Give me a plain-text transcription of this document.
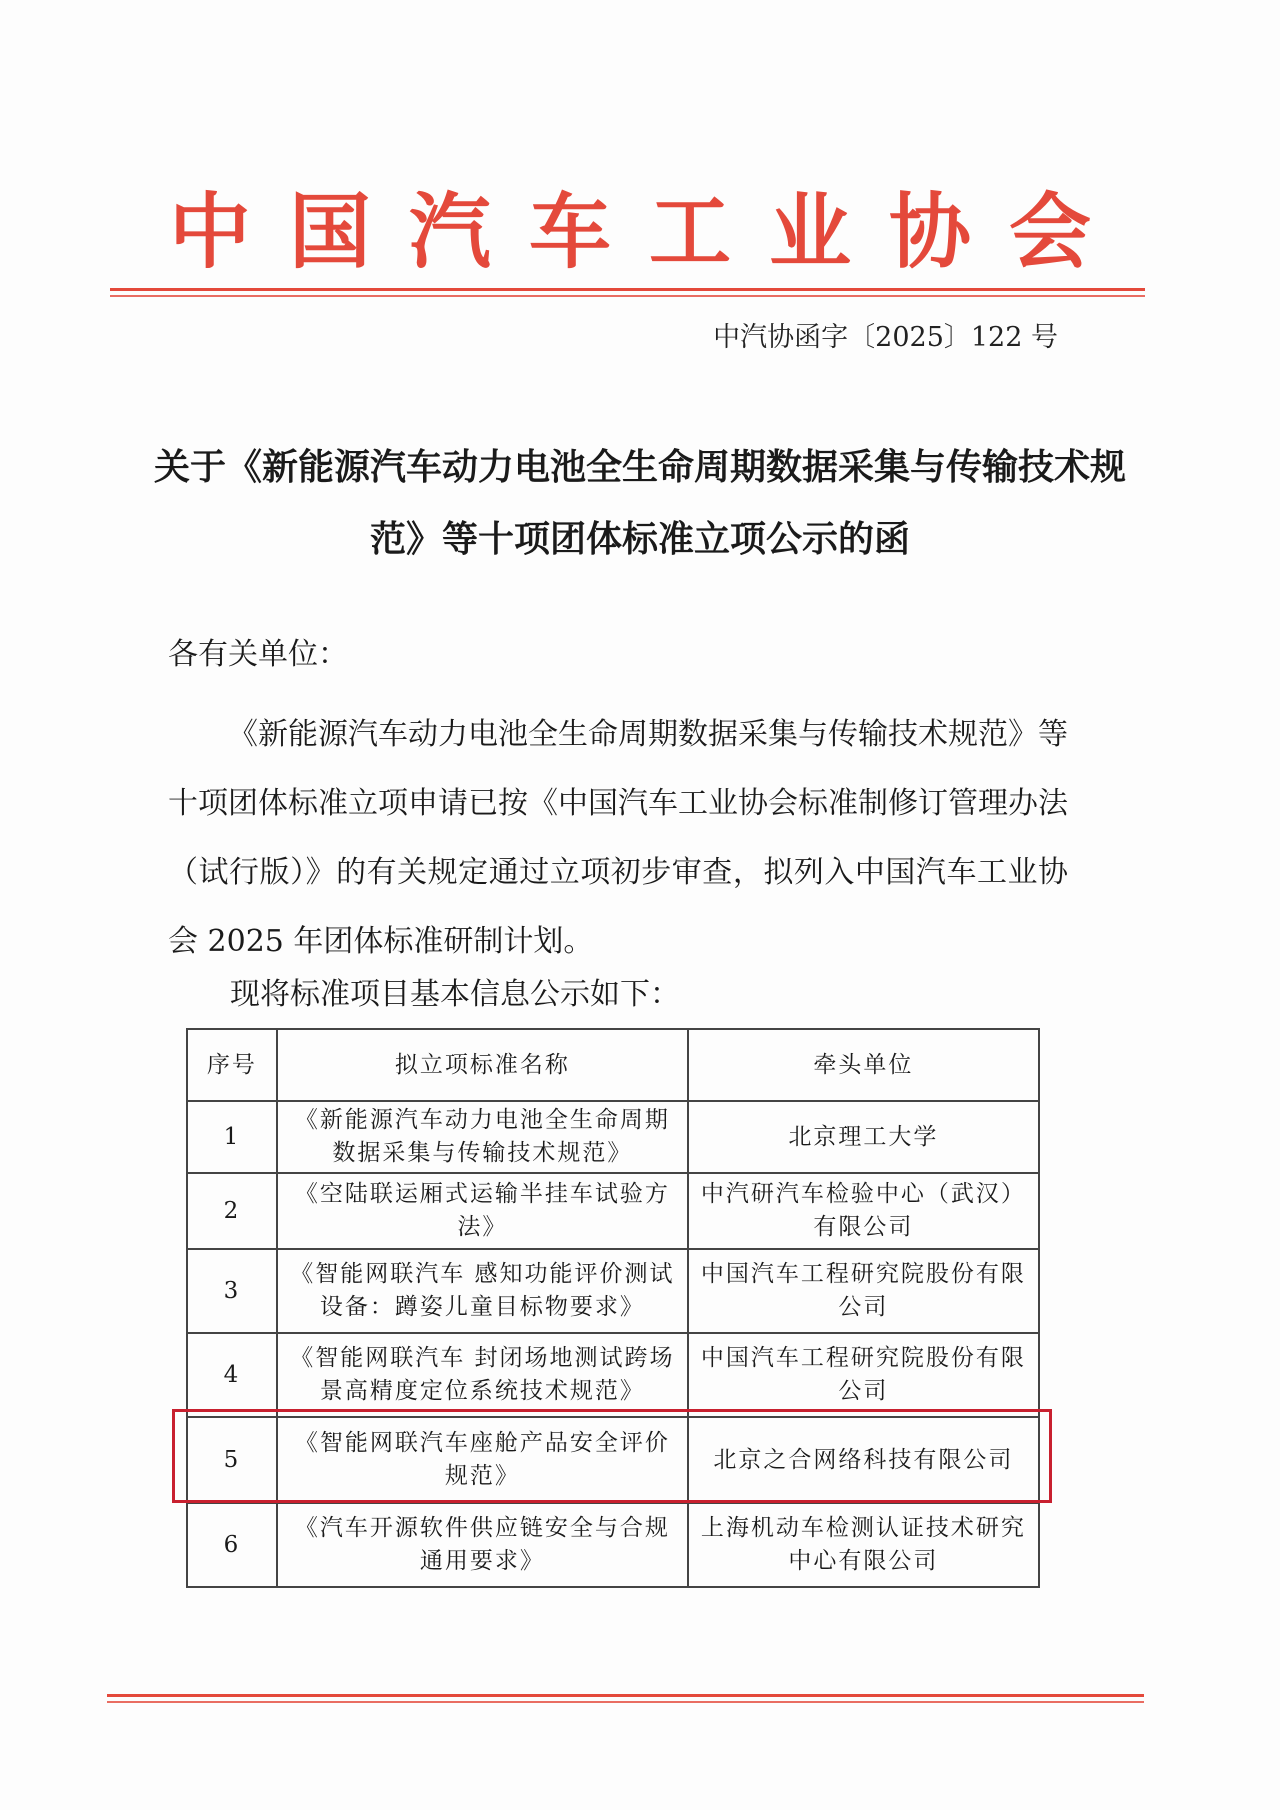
中国汽车工业协会
中汽协函字〔2025〕122 号
关于《新能源汽车动力电池全生命周期数据采集与传输技术规范》等十项团体标准立项公示的函
各有关单位：

《新能源汽车动力电池全生命周期数据采集与传输技术规范》等十项团体标准立项申请已按《中国汽车工业协会标准制修订管理办法（试行版）》的有关规定通过立项初步审查，拟列入中国汽车工业协会 2025 年团体标准研制计划。

现将标准项目基本信息公示如下：
序号	拟立项标准名称	牵头单位
1	《新能源汽车动力电池全生命周期数据采集与传输技术规范》	北京理工大学
2	《空陆联运厢式运输半挂车试验方法》	中汽研汽车检验中心（武汉）有限公司
3	《智能网联汽车 感知功能评价测试设备：蹲姿儿童目标物要求》	中国汽车工程研究院股份有限公司
4	《智能网联汽车 封闭场地测试跨场景高精度定位系统技术规范》	中国汽车工程研究院股份有限公司
5	《智能网联汽车座舱产品安全评价规范》	北京之合网络科技有限公司
6	《汽车开源软件供应链安全与合规通用要求》	上海机动车检测认证技术研究中心有限公司
